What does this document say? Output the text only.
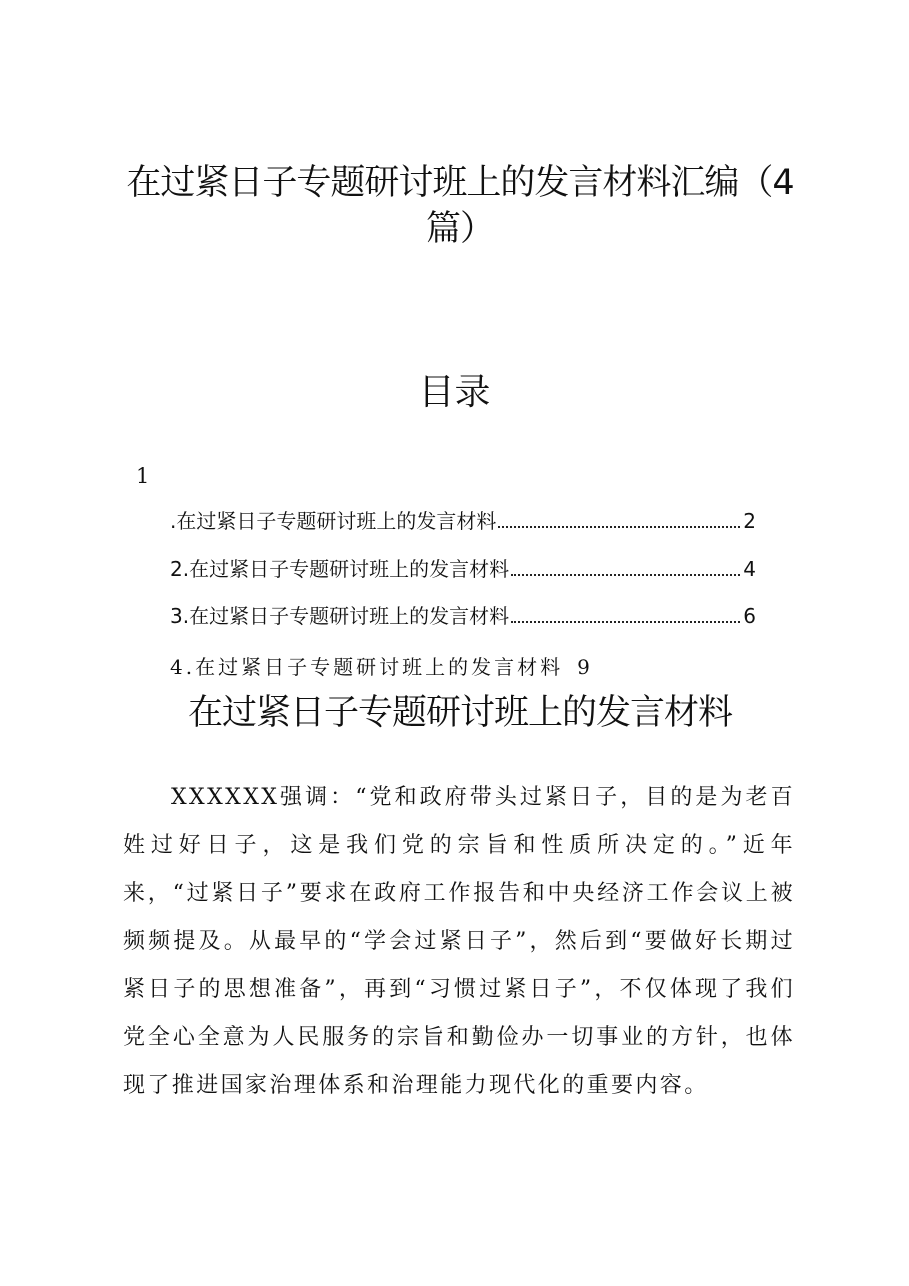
在过紧日子专题研讨班上的发言材料汇编（4篇）
目录
1
.在过紧日子专题研讨班上的发言材料	2
2.在过紧日子专题研讨班上的发言材料	4
3.在过紧日子专题研讨班上的发言材料	6
4.在过紧日子专题研讨班上的发言材料 9
在过紧日子专题研讨班上的发言材料

XXXXXX强调：“党和政府带头过紧日子，目的是为老百姓过好日子，这是我们党的宗旨和性质所决定的。”近年来，“过紧日子”要求在政府工作报告和中央经济工作会议上被频频提及。从最早的“学会过紧日子”，然后到“要做好长期过紧日子的思想准备”，再到“习惯过紧日子”，不仅体现了我们党全心全意为人民服务的宗旨和勤俭办一切事业的方针，也体现了推进国家治理体系和治理能力现代化的重要内容。
